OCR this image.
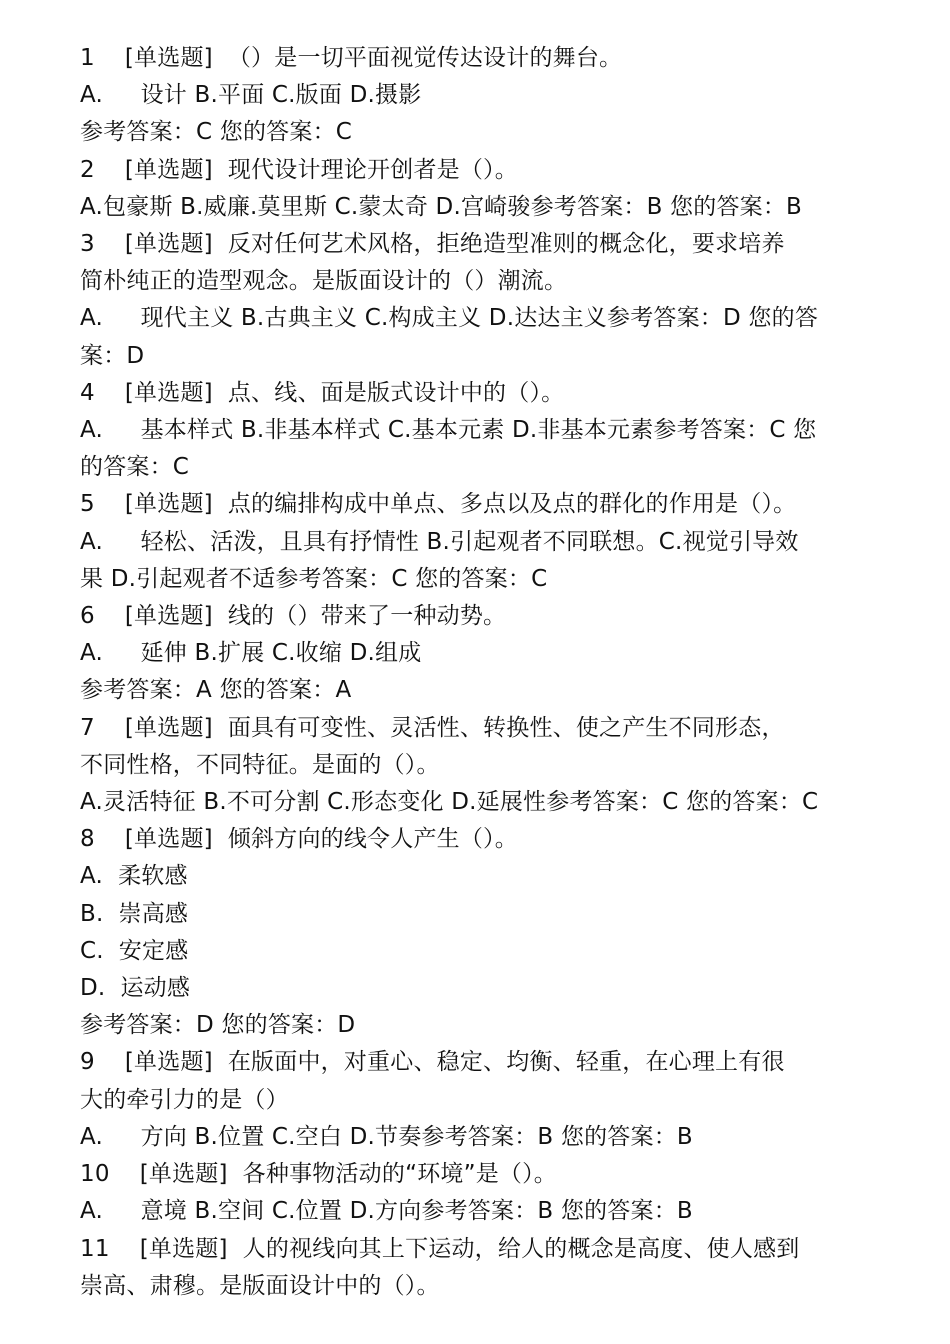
1    [单选题]  （）是一切平面视觉传达设计的舞台。
A.     设计 B.平面 C.版面 D.摄影
参考答案：C 您的答案：C
2    [单选题]  现代设计理论开创者是（）。
A.包豪斯 B.威廉.莫里斯 C.蒙太奇 D.宫崎骏参考答案：B 您的答案：B
3    [单选题]  反对任何艺术风格，拒绝造型准则的概念化，要求培养
简朴纯正的造型观念。是版面设计的（）潮流。
A.     现代主义 B.古典主义 C.构成主义 D.达达主义参考答案：D 您的答
案：D
4    [单选题]  点、线、面是版式设计中的（）。
A.     基本样式 B.非基本样式 C.基本元素 D.非基本元素参考答案：C 您
的答案：C
5    [单选题]  点的编排构成中单点、多点以及点的群化的作用是（）。
A.     轻松、活泼，且具有抒情性 B.引起观者不同联想。C.视觉引导效
果 D.引起观者不适参考答案：C 您的答案：C
6    [单选题]  线的（）带来了一种动势。
A.     延伸 B.扩展 C.收缩 D.组成
参考答案：A 您的答案：A
7    [单选题]  面具有可变性、灵活性、转换性、使之产生不同形态，
不同性格，不同特征。是面的（）。
A.灵活特征 B.不可分割 C.形态变化 D.延展性参考答案：C 您的答案：C
8    [单选题]  倾斜方向的线令人产生（）。
A.  柔软感
B.  崇高感
C.  安定感
D.  运动感
参考答案：D 您的答案：D
9    [单选题]  在版面中，对重心、稳定、均衡、轻重，在心理上有很
大的牵引力的是（）
A.     方向 B.位置 C.空白 D.节奏参考答案：B 您的答案：B
10    [单选题]  各种事物活动的“环境”是（）。
A.     意境 B.空间 C.位置 D.方向参考答案：B 您的答案：B
11    [单选题]  人的视线向其上下运动，给人的概念是高度、使人感到
崇高、肃穆。是版面设计中的（）。
